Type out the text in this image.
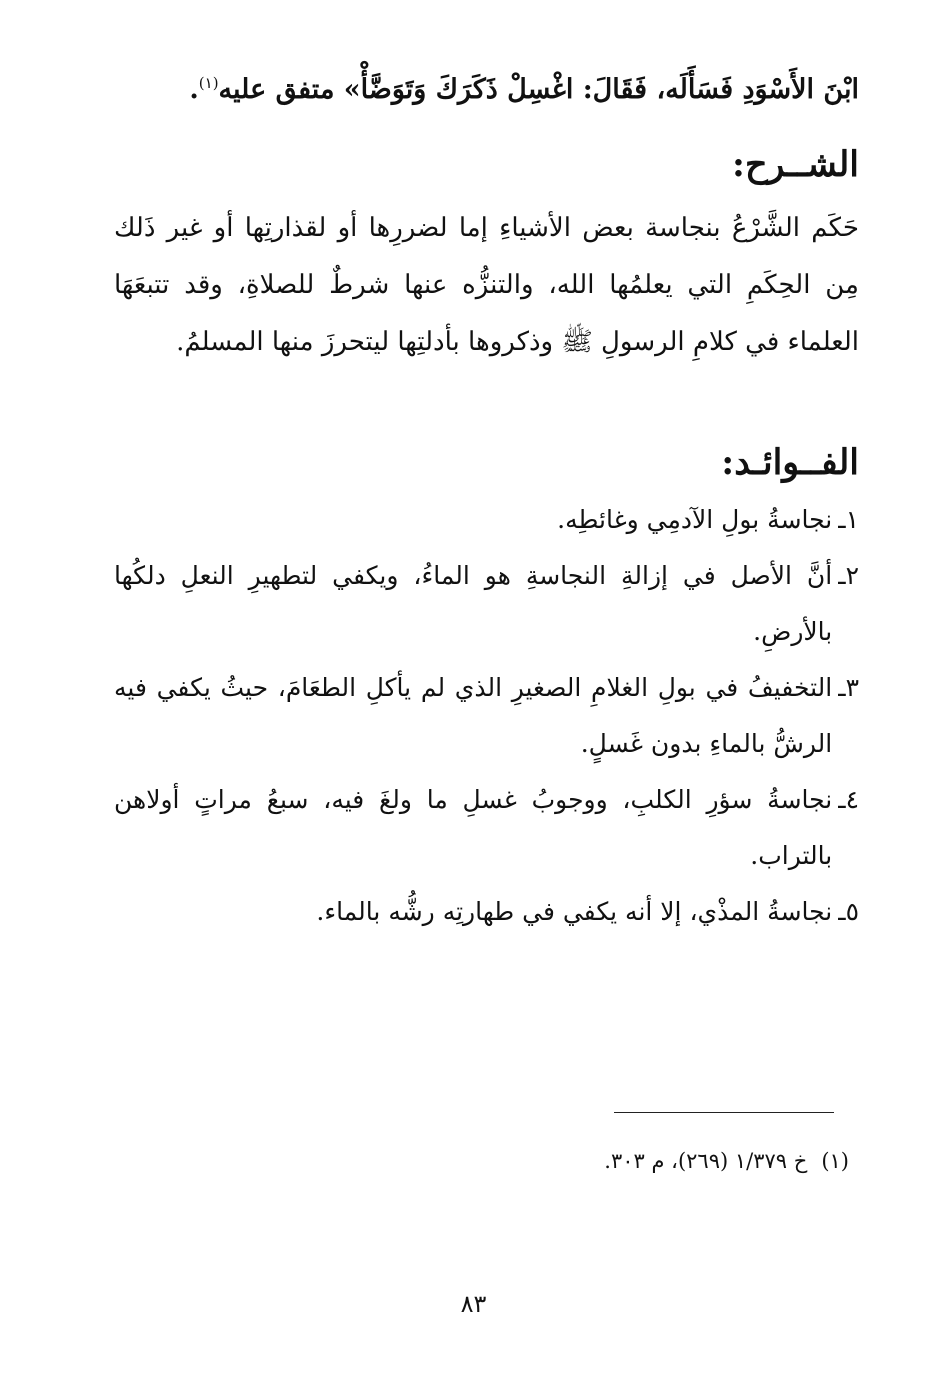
ابْنَ الأَسْوَدِ فَسَأَلَه، فَقَالَ: اغْسِلْ ذَكَرَكَ وَتَوَضَّأْ» متفق عليه$^{(١)}$.
الشــرح:

حَكَم الشَّرْعُ بنجاسة بعض الأشياءِ إما لضررِها أو لقذارتِها أو غير ذَلك مِن الحِكَمِ التي يعلمُها الله، والتنزُّه عنها شرطٌ للصلاةِ، وقد تتبعَهَا العلماء في كلامِ الرسولِ ﷺ وذكروها بأدلتِها ليتحرزَ منها المسلمُ.

الفــوائـد:
١ـ
نجاسةُ بولِ الآدمِي وغائطِه.
٢ـ
أنَّ الأصل في إزالةِ النجاسةِ هو الماءُ، ويكفي لتطهيرِ النعلِ دلكُها بالأرضِ.
٣ـ
التخفيفُ في بولِ الغلامِ الصغيرِ الذي لم يأكلِ الطعَامَ، حيثُ يكفي فيه الرشُّ بالماءِ بدون غَسلٍ.
٤ـ
نجاسةُ سؤرِ الكلبِ، ووجوبُ غسلِ ما ولغَ فيه، سبعُ مراتٍ أولاهن بالتراب.
٥ـ
نجاسةُ المذْي، إلا أنه يكفي في طهارتِه رشُّه بالماء.
(١)
خ ١/٣٧٩ (٢٦٩)، م ٣٠٣.
٨٣
